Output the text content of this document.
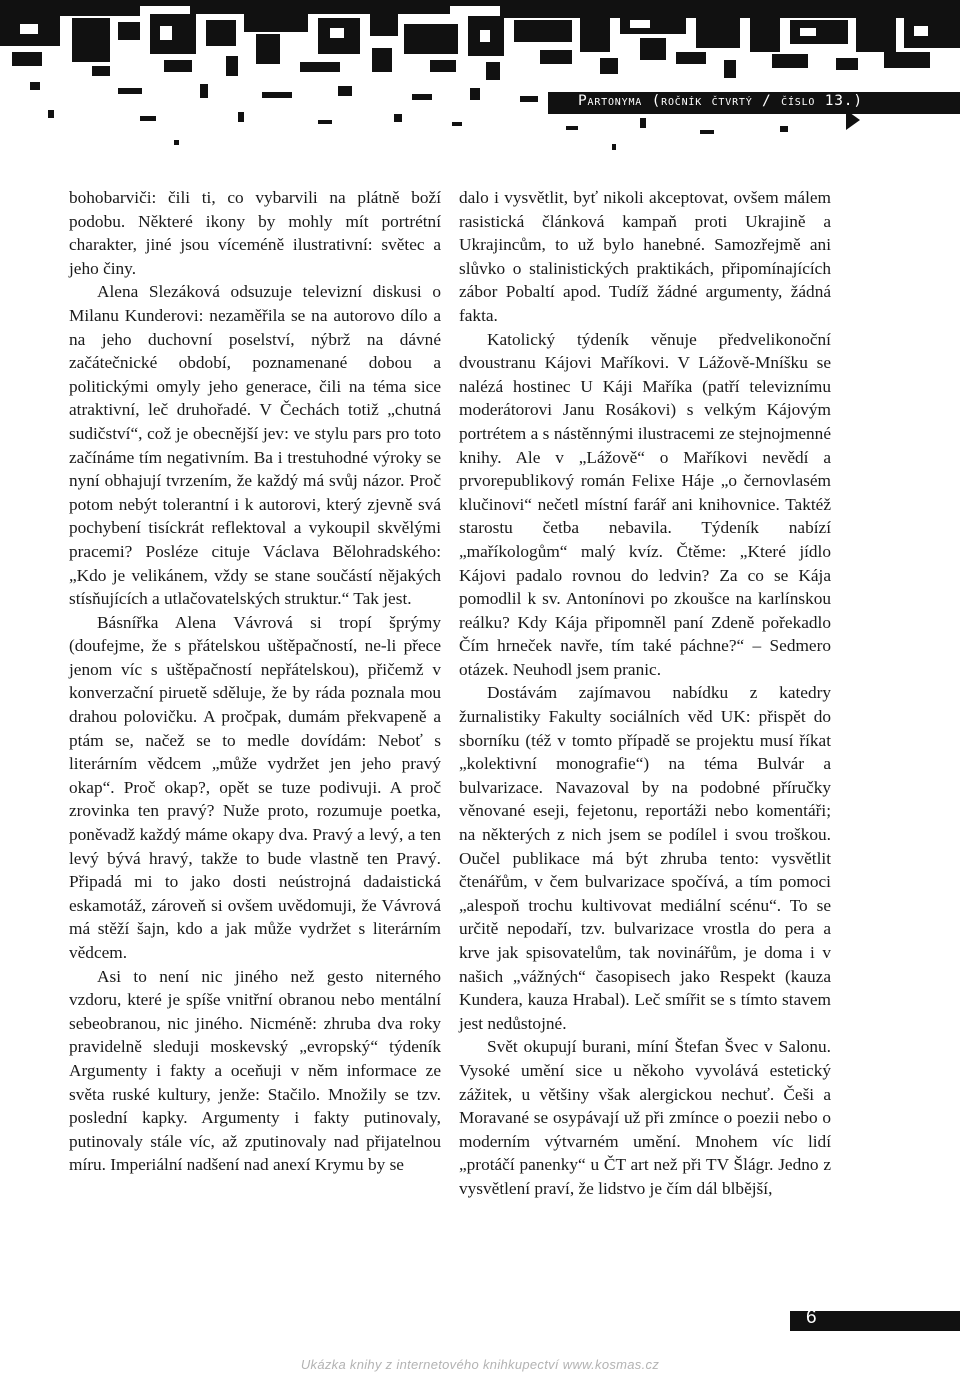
Partonyma (ročník čtvrtý / číslo 13.)

bohobarviči: čili ti, co vybarvili na plátně boží podobu. Některé ikony by mohly mít portrétní charakter, jiné jsou víceméně ilustrativní: světec a jeho činy.

Alena Slezáková odsuzuje televizní diskusi o Milanu Kunderovi: nezaměřila se na autorovo dílo a na jeho duchovní poselství, nýbrž na dávné začátečnické období, poznamenané dobou a politickými omyly jeho generace, čili na téma sice atraktivní, leč druhořadé. V Čechách totiž „chutná sudičství“, což je obecnější jev: ve stylu pars pro toto začínáme tím negativním. Ba i trestuhodné výroky se nyní obhajují tvrzením, že každý má svůj názor. Proč potom nebýt tolerantní i k autorovi, který zjevně svá pochybení tisíckrát reflektoval a vykoupil skvělými pracemi? Posléze cituje Václava Bělohradského: „Kdo je velikánem, vždy se stane součástí nějakých stísňujících a utlačovatelských struktur.“ Tak jest.

Básnířka Alena Vávrová si tropí šprýmy (doufejme, že s přátelskou uštěpačností, ne-li přece jenom víc s uštěpačností nepřátelskou), přičemž v konverzační piruetě sděluje, že by ráda poznala mou drahou polovičku. A pročpak, dumám překvapeně a ptám se, načež se to medle dovídám: Neboť s literárním vědcem „může vydržet jen jeho pravý okap“. Proč okap?, opět se tuze podivuji. A proč zrovinka ten pravý? Nuže proto, rozumuje poetka, poněvadž každý máme okapy dva. Pravý a levý, a ten levý bývá hravý, takže to bude vlastně ten Pravý. Připadá mi to jako dosti neústrojná dadaistická eskamotáž, zároveň si ovšem uvědomuji, že Vávrová má stěží šajn, kdo a jak může vydržet s literárním vědcem.

Asi to není nic jiného než gesto niterného vzdoru, které je spíše vnitřní obranou nebo mentální sebeobranou, nic jiného. Nicméně: zhruba dva roky pravidelně sleduji moskevský „evropský“ týdeník Argumenty i fakty a oceňuji v něm informace ze světa ruské kultury, jenže: Stačilo. Množily se tzv. poslední kapky. Argumenty i fakty putinovaly, putinovaly stále víc, až zputinovaly nad přijatelnou míru. Imperiální nadšení nad anexí Krymu by se

dalo i vysvětlit, byť nikoli akceptovat, ovšem málem rasistická článková kampaň proti Ukrajině a Ukrajincům, to už bylo hanebné. Samozřejmě ani slůvko o stalinistických praktikách, připomínajících zábor Pobaltí apod. Tudíž žádné argumenty, žádná fakta.

Katolický týdeník věnuje předvelikonoční dvoustranu Kájovi Maříkovi. V Lážově-Mníšku se nalézá hostinec U Káji Maříka (patří televiznímu moderátorovi Janu Rosákovi) s velkým Kájovým portrétem a s nástěnnými ilustracemi ze stejnojmenné knihy. Ale v „Lážově“ o Maříkovi nevědí a prvorepublikový román Felixe Háje „o černovlasém klučinovi“ nečetl místní farář ani knihovnice. Taktéž starostu četba nebavila. Týdeník nabízí „maříkologům“ malý kvíz. Čtěme: „Které jídlo Kájovi padalo rovnou do ledvin? Za co se Kája pomodlil k sv. Antonínovi po zkoušce na karlínskou reálku? Kdy Kája připomněl paní Zdeně pořekadlo Čím hrneček navře, tím také páchne?“ – Sedmero otázek. Neuhodl jsem pranic.

Dostávám zajímavou nabídku z katedry žurnalistiky Fakulty sociálních věd UK: přispět do sborníku (též v tomto případě se projektu musí říkat „kolektivní monografie“) na téma Bulvár a bulvarizace. Navazoval by na podobné příručky věnované eseji, fejetonu, reportáži nebo komentáři; na některých z nich jsem se podílel i svou troškou. Oučel publikace má být zhruba tento: vysvětlit čtenářům, v čem bulvarizace spočívá, a tím pomoci „alespoň trochu kultivovat mediální scénu“. To se určitě nepodaří, tzv. bulvarizace vrostla do pera a krve jak spisovatelům, tak novinářům, je doma i v našich „vážných“ časopisech jako Respekt (kauza Kundera, kauza Hrabal). Leč smířit se s tímto stavem jest nedůstojné.

Svět okupují burani, míní Štefan Švec v Salonu. Vysoké umění sice u někoho vyvolává estetický zážitek, u většiny však alergickou nechuť. Češi a Moravané se osypávají už při zmínce o poezii nebo o moderním výtvarném umění. Mnohem víc lidí „protáčí panenky“ u ČT art než při TV Šlágr. Jedno z vysvětlení praví, že lidstvo je čím dál blbější,

6
Ukázka knihy z internetového knihkupectví www.kosmas.cz
